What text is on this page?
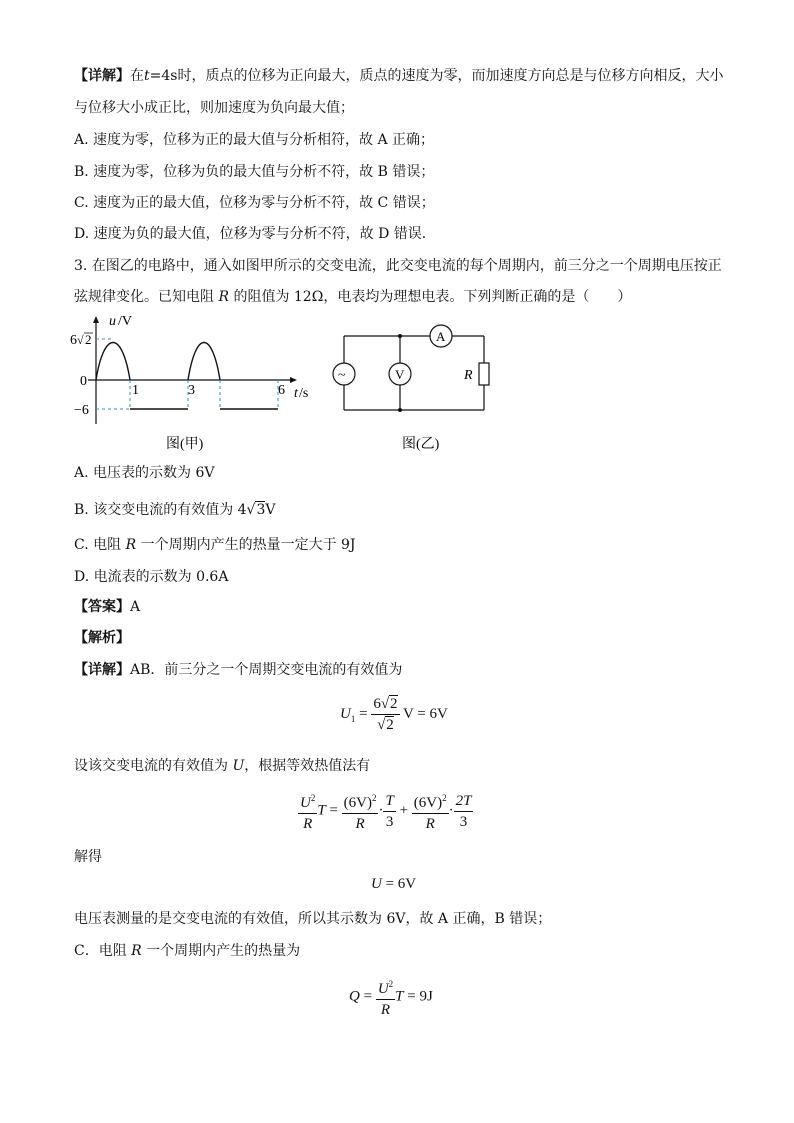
【详解】在t=4s时，质点的位移为正向最大，质点的速度为零，而加速度方向总是与位移方向相反，大小
与位移大小成正比，则加速度为负向最大值；
A. 速度为零，位移为正的最大值与分析相符，故 A 正确；
B. 速度为零，位移为负的最大值与分析不符，故 B 错误；
C. 速度为正的最大值，位移为零与分析不符，故 C 错误；
D. 速度为负的最大值，位移为零与分析不符，故 D 错误．
3. 在图乙的电路中，通入如图甲所示的交变电流，此交变电流的每个周期内，前三分之一个周期电压按正
弦规律变化。已知电阻 R 的阻值为 12Ω，电表均为理想电表。下列判断正确的是（　　）
u /V
6 √ 2
0
−6
1	3	6 t /s
图(甲)
~	V
A
R
图(乙)
A. 电压表的示数为 6V
B. 该交变电流的有效值为 4√3V
C. 电阻 R 一个周期内产生的热量一定大于 9J
D. 电流表的示数为 0.6A
【答案】A
【解析】
【详解】AB．前三分之一个周期交变电流的有效值为
$U_1 = \frac{6√2}{√2}$ V = 6V
设该交变电流的有效值为 U，根据等效热值法有
$\frac{U^2}{R}$ $T = \frac{(6V)^2}{R} \cdot \frac{T}{3} + \frac{(6V)^2}{R} \cdot \frac{2T}{3}$
解得
U = 6V
电压表测量的是交变电流的有效值，所以其示数为 6V，故 A 正确，B 错误；
C．电阻 R 一个周期内产生的热量为
$Q = \frac{U^2}{R}$ T = 9J
